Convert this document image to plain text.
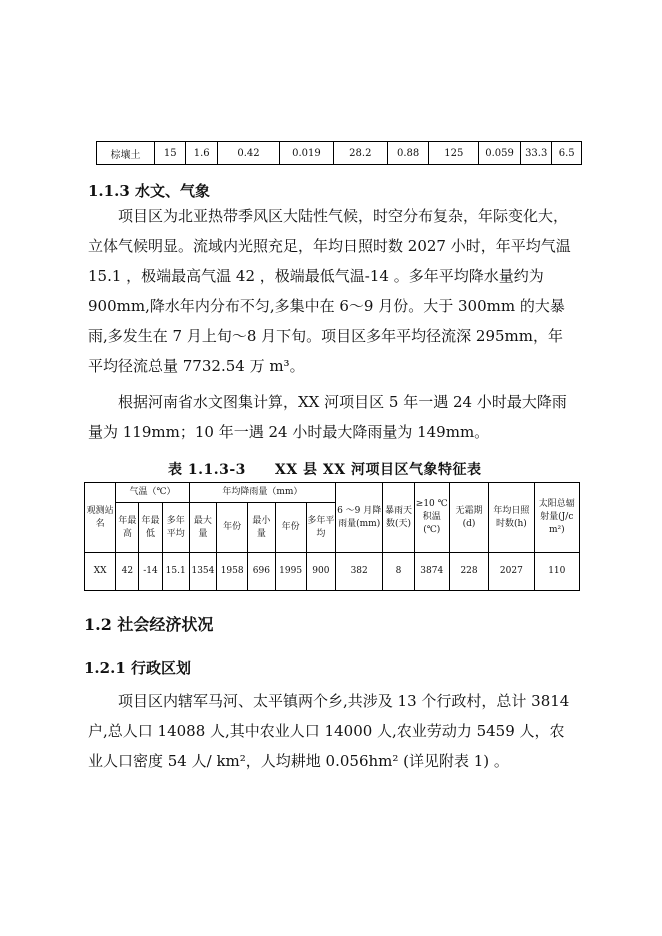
棕壤土	15	1.6	0.42	0.019	28.2	0.88	125	0.059	33.3	6.5
1.1.3 水文、气象

项目区为北亚热带季风区大陆性气候，时空分布复杂，年际变化大，立体气候明显。流域内光照充足，年均日照时数 2027 小时，年平均气温 15.1 ，极端最高气温 42 ，极端最低气温-14 。多年平均降水量约为 900mm,降水年内分布不匀,多集中在 6～9 月份。大于 300mm 的大暴雨,多发生在 7 月上旬～8 月下旬。项目区多年平均径流深 295mm，年平均径流总量 7732.54 万 m³。

根据河南省水文图集计算，XX 河项目区 5 年一遇 24 小时最大降雨量为 119mm；10 年一遇 24 小时最大降雨量为 149mm。

表 1.1.3-3　　XX 县 XX 河项目区气象特征表
观测站名	气温（℃）			年均降雨量（mm）					6 ～9 月降雨量(mm)	暴雨天数(天)	≥10 ℃积温(℃)	无霜期(d)	年均日照时数(h)	太阳总辐射量(J/c m²)
	年最高	年最低	多年平均	最大量	年份	最小量	年份	多年平均						
XX	42	-14	15.1	1354	1958	696	1995	900	382	8	3874	228	2027	110
1.2 社会经济状况
1.2.1 行政区划

项目区内辖军马河、太平镇两个乡,共涉及 13 个行政村，总计 3814 户,总人口 14088 人,其中农业人口 14000 人,农业劳动力 5459 人，农业人口密度 54 人/ km²，人均耕地 0.056hm² (详见附表 1) 。
